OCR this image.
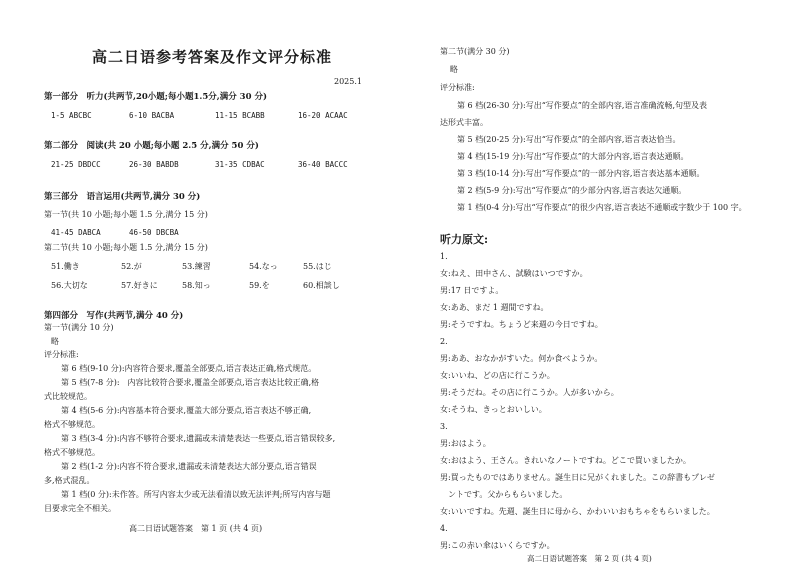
高二日语参考答案及作文评分标准
2025.1
第一部分　听力(共两节,20小题;每小题1.5分,满分 30 分)
1-5 ABCBC	6-10 BACBA	11-15 BCABB	16-20 ACAAC
第二部分　阅读(共 20 小题;每小题 2.5 分,满分 50 分)
21-25 DBDCC	26-30 BABDB	31-35 CDBAC	36-40 BACCC
第三部分　语言运用(共两节,满分 30 分)
第一节(共 10 小题;每小题 1.5 分,满分 15 分)
41-45 DABCA	46-50 DBCBA
第二节(共 10 小题;每小题 1.5 分,满分 15 分)
51.働き	52.が	53.練習	54.なっ	55.はじ
56.大切な	57.好きに	58.知っ	59.を	60.相談し
第四部分　写作(共两节,满分 40 分)
第一节(满分 10 分)
略
评分标准:
第 6 档(9-10 分):内容符合要求,覆盖全部要点,语言表达正确,格式规范。
第 5 档(7-8 分):　内容比较符合要求,覆盖全部要点,语言表达比较正确,格
式比较规范。
第 4 档(5-6 分):内容基本符合要求,覆盖大部分要点,语言表达不够正确,
格式不够规范。
第 3 档(3-4 分):内容不够符合要求,遗漏或未清楚表达一些要点,语言错误较多,
格式不够规范。
第 2 档(1-2 分):内容不符合要求,遗漏或未清楚表达大部分要点,语言错误
多,格式混乱。
第 1 档(0 分):未作答。所写内容太少或无法看清以致无法评判;所写内容与题
目要求完全不相关。
高二日语试题答案　第 1 页 (共 4 页)
第二节(满分 30 分)
略
评分标准:
第 6 档(26-30 分):写出“写作要点”的全部内容,语言准确流畅,句型及表
达形式丰富。
第 5 档(20-25 分):写出“写作要点”的全部内容,语言表达恰当。
第 4 档(15-19 分):写出“写作要点”的大部分内容,语言表达通顺。
第 3 档(10-14 分):写出“写作要点”的一部分内容,语言表达基本通顺。
第 2 档(5-9 分):写出“写作要点”的少部分内容,语言表达欠通顺。
第 1 档(0-4 分):写出“写作要点”的很少内容,语言表达不通顺或字数少于 100 字。
听力原文:
1.
女:ねえ、田中さん、試験はいつですか。
男:17 日ですよ。
女:ああ、まだ 1 週間ですね。
男:そうですね。ちょうど来週の今日ですね。
2.
男:ああ、おなかがすいた。何か食べようか。
女:いいね、どの店に行こうか。
男:そうだね。その店に行こうか。人が多いから。
女:そうね、きっとおいしい。
3.
男:おはよう。
女:おはよう、王さん。きれいなノートですね。どこで買いましたか。
男:買ったものではありません。誕生日に兄がくれました。この辞書もプレゼ
　ントです。父からもらいました。
女:いいですね。先週、誕生日に母から、かわいいおもちゃをもらいました。
4.
男:この赤い傘はいくらですか。
高二日语试题答案　第 2 页 (共 4 页)
